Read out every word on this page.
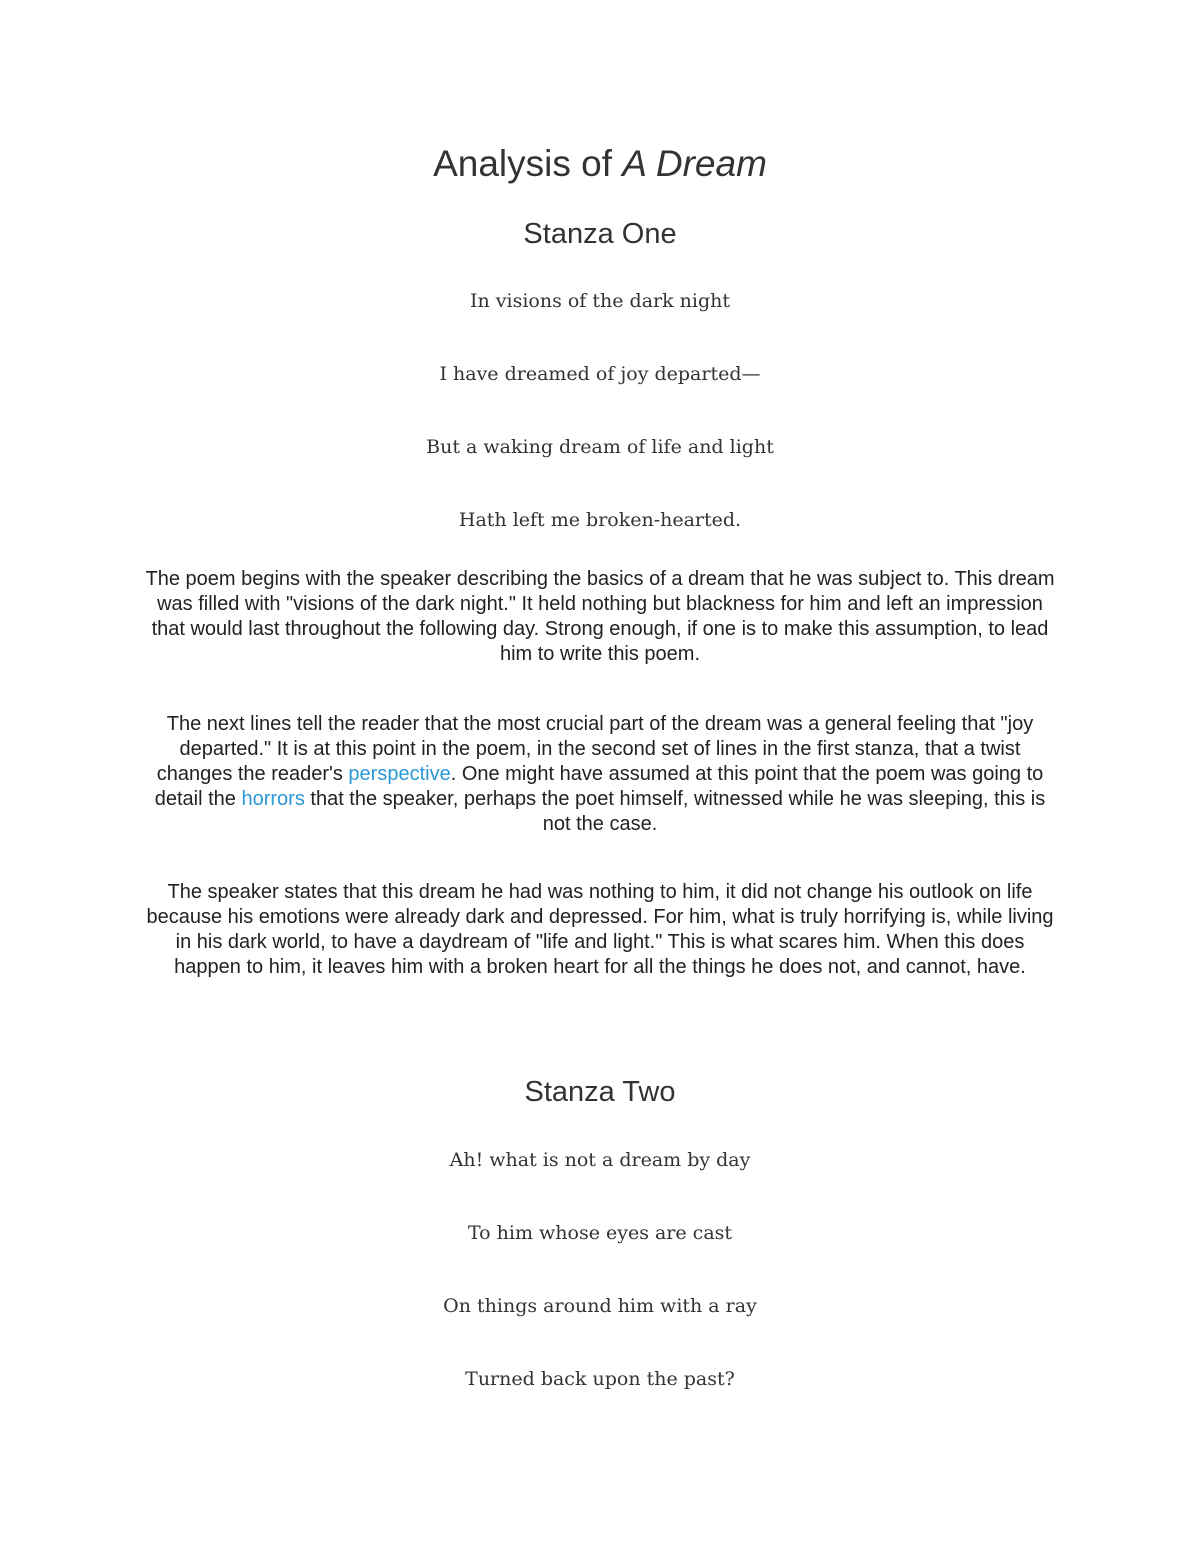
Analysis of A Dream
Stanza One

In visions of the dark night

I have dreamed of joy departed—

But a waking dream of life and light

Hath left me broken-hearted.

The poem begins with the speaker describing the basics of a dream that he was subject to. This dream was filled with "visions of the dark night." It held nothing but blackness for him and left an impression that would last throughout the following day. Strong enough, if one is to make this assumption, to lead him to write this poem.

The next lines tell the reader that the most crucial part of the dream was a general feeling that "joy departed." It is at this point in the poem, in the second set of lines in the first stanza, that a twist changes the reader's perspective. One might have assumed at this point that the poem was going to detail the horrors that the speaker, perhaps the poet himself, witnessed while he was sleeping, this is not the case.

The speaker states that this dream he had was nothing to him, it did not change his outlook on life because his emotions were already dark and depressed. For him, what is truly horrifying is, while living in his dark world, to have a daydream of "life and light." This is what scares him. When this does happen to him, it leaves him with a broken heart for all the things he does not, and cannot, have.

Stanza Two

Ah! what is not a dream by day

To him whose eyes are cast

On things around him with a ray

Turned back upon the past?
